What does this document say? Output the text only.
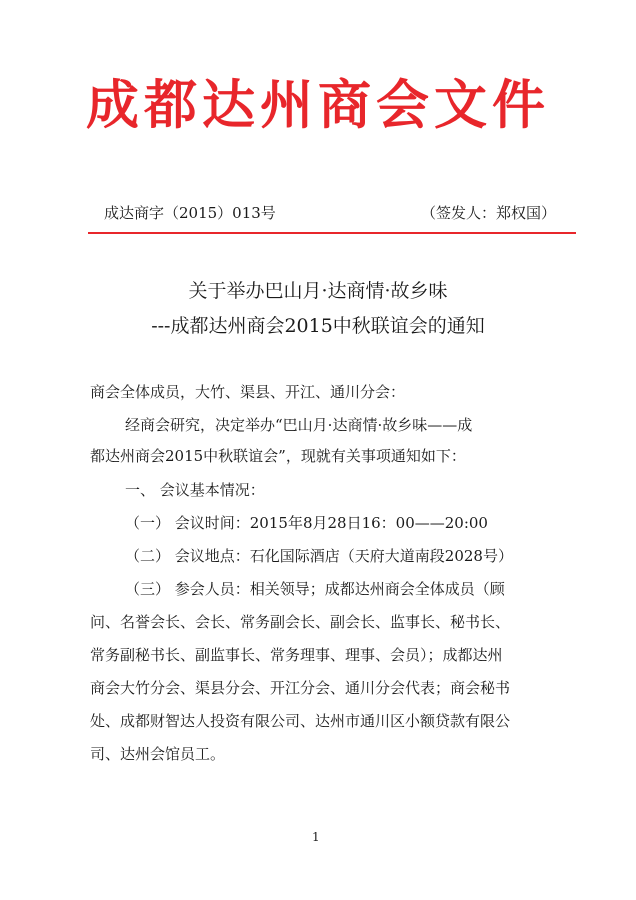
成都达州商会文件
成达商字（2015）013号	（签发人：郑权国）
关于举办巴山月·达商情·故乡味
---成都达州商会2015中秋联谊会的通知
商会全体成员，大竹、渠县、开江、通川分会：
经商会研究，决定举办“巴山月·达商情·故乡味——成
都达州商会2015中秋联谊会”，现就有关事项通知如下：
一、 会议基本情况：
（一） 会议时间：2015年8月28日16：00——20:00
（二） 会议地点：石化国际酒店（天府大道南段2028号）
（三） 参会人员：相关领导；成都达州商会全体成员（顾
问、名誉会长、会长、常务副会长、副会长、监事长、秘书长、
常务副秘书长、副监事长、常务理事、理事、会员）；成都达州
商会大竹分会、渠县分会、开江分会、通川分会代表；商会秘书
处、成都财智达人投资有限公司、达州市通川区小额贷款有限公
司、达州会馆员工。
1
